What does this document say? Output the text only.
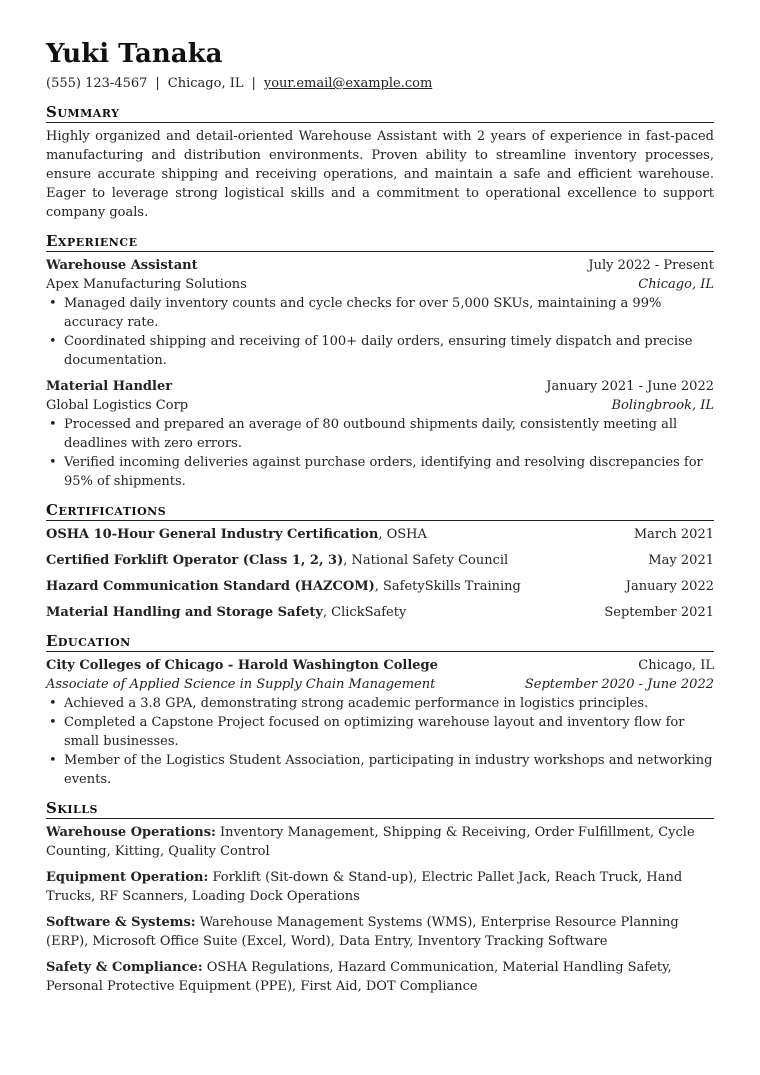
Yuki Tanaka
(555) 123-4567 | Chicago, IL | your.email@example.com
Summary

Highly organized and detail-oriented Warehouse Assistant with 2 years of experience in fast-paced manufacturing and distribution environments. Proven ability to streamline inventory processes, ensure accurate shipping and receiving operations, and maintain a safe and efficient warehouse. Eager to leverage strong logistical skills and a commitment to operational excellence to support company goals.

Experience
Warehouse Assistant	July 2022 - Present
Apex Manufacturing Solutions	Chicago, IL
• Managed daily inventory counts and cycle checks for over 5,000 SKUs, maintaining a 99% accuracy rate.
• Coordinated shipping and receiving of 100+ daily orders, ensuring timely dispatch and precise documentation.
Material Handler	January 2021 - June 2022
Global Logistics Corp	Bolingbrook, IL
• Processed and prepared an average of 80 outbound shipments daily, consistently meeting all deadlines with zero errors.
• Verified incoming deliveries against purchase orders, identifying and resolving discrepancies for 95% of shipments.
Certifications
OSHA 10-Hour General Industry Certification, OSHA	March 2021
Certified Forklift Operator (Class 1, 2, 3), National Safety Council	May 2021
Hazard Communication Standard (HAZCOM), SafetySkills Training	January 2022
Material Handling and Storage Safety, ClickSafety	September 2021
Education
City Colleges of Chicago - Harold Washington College	Chicago, IL
Associate of Applied Science in Supply Chain Management	September 2020 - June 2022
• Achieved a 3.8 GPA, demonstrating strong academic performance in logistics principles.
• Completed a Capstone Project focused on optimizing warehouse layout and inventory flow for small businesses.
• Member of the Logistics Student Association, participating in industry workshops and networking events.
Skills
Warehouse Operations: Inventory Management, Shipping & Receiving, Order Fulfillment, Cycle Counting, Kitting, Quality Control
Equipment Operation: Forklift (Sit-down & Stand-up), Electric Pallet Jack, Reach Truck, Hand Trucks, RF Scanners, Loading Dock Operations
Software & Systems: Warehouse Management Systems (WMS), Enterprise Resource Planning (ERP), Microsoft Office Suite (Excel, Word), Data Entry, Inventory Tracking Software
Safety & Compliance: OSHA Regulations, Hazard Communication, Material Handling Safety, Personal Protective Equipment (PPE), First Aid, DOT Compliance
